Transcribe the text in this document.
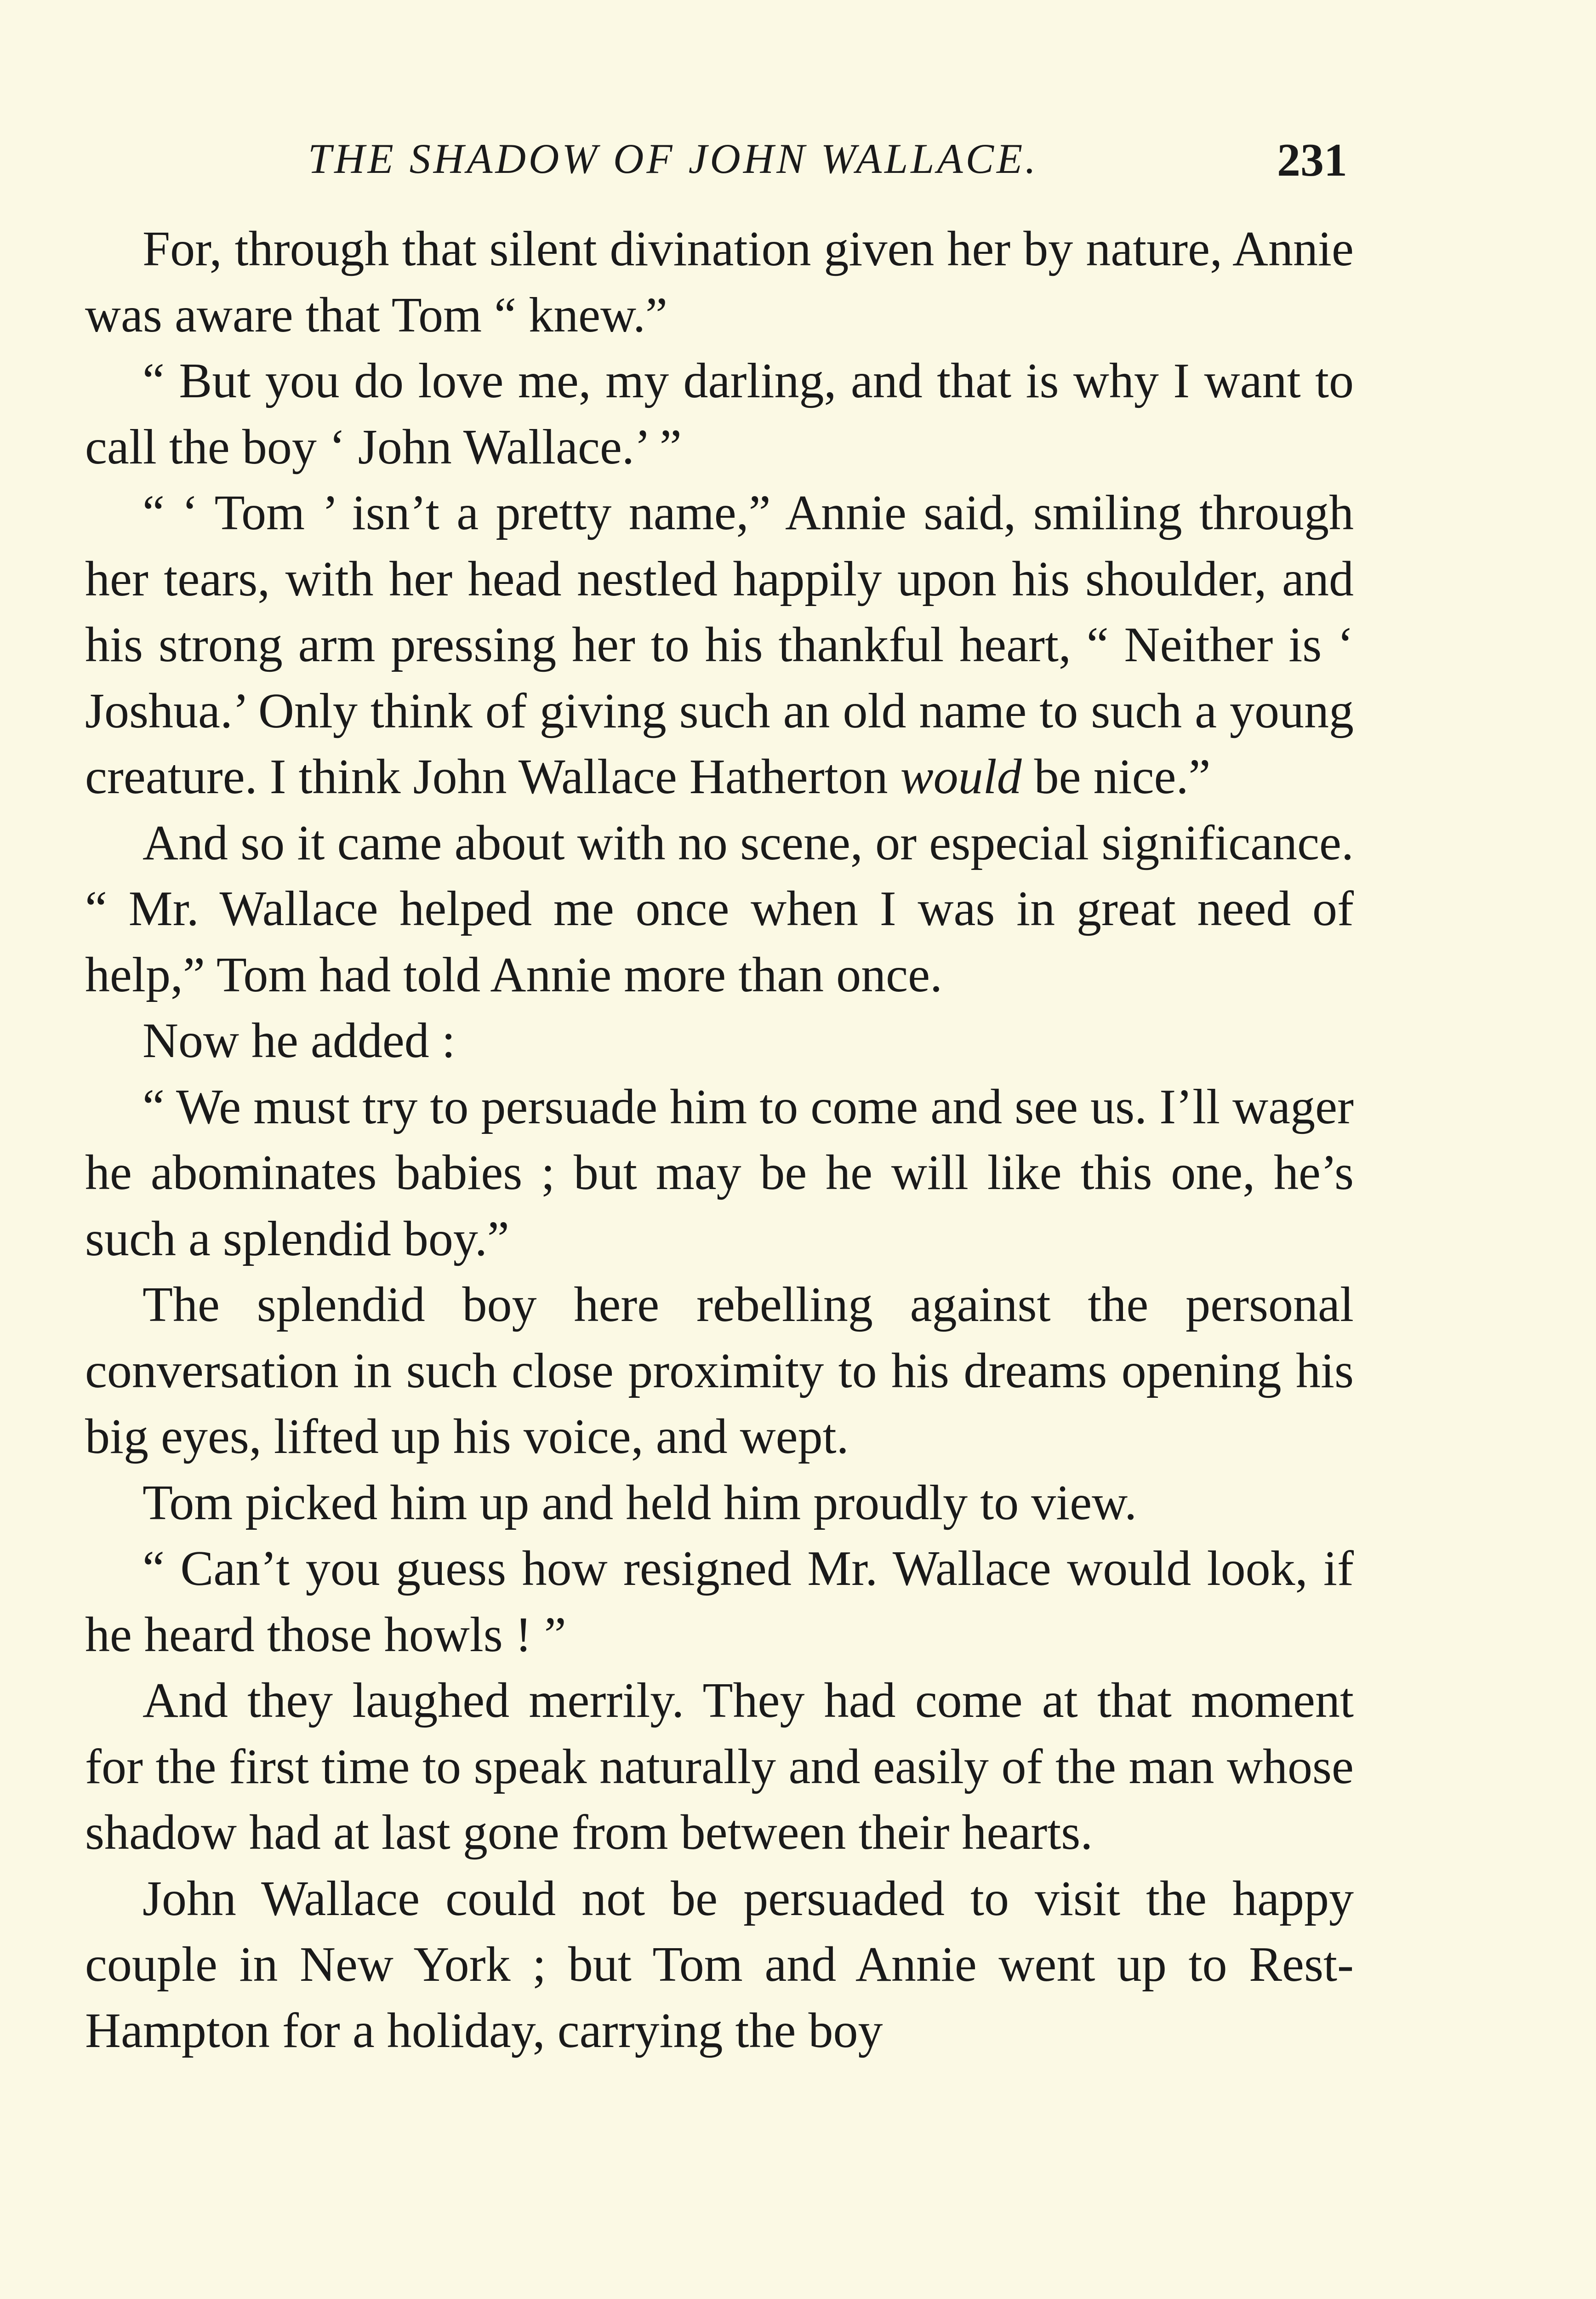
THE SHADOW OF JOHN WALLACE.	231

For, through that silent divination given her by nature, Annie was aware that Tom “ knew.”

“ But you do love me, my darling, and that is why I want to call the boy ‘ John Wallace.’ ”

“ ‘ Tom ’ isn’t a pretty name,” Annie said, smiling through her tears, with her head nestled happily upon his shoulder, and his strong arm pressing her to his thankful heart, “ Neither is ‘ Joshua.’ Only think of giving such an old name to such a young creature. I think John Wallace Hatherton would be nice.”

And so it came about with no scene, or especial significance. “ Mr. Wallace helped me once when I was in great need of help,” Tom had told Annie more than once.

Now he added :

“ We must try to persuade him to come and see us. I’ll wager he abominates babies ; but may be he will like this one, he’s such a splendid boy.”

The splendid boy here rebelling against the personal conversation in such close proximity to his dreams opening his big eyes, lifted up his voice, and wept.

Tom picked him up and held him proudly to view.

“ Can’t you guess how resigned Mr. Wallace would look, if he heard those howls ! ”

And they laughed merrily. They had come at that moment for the first time to speak naturally and easily of the man whose shadow had at last gone from between their hearts.

John Wallace could not be persuaded to visit the happy couple in New York ; but Tom and Annie went up to Rest-Hampton for a holiday, carrying the boy
